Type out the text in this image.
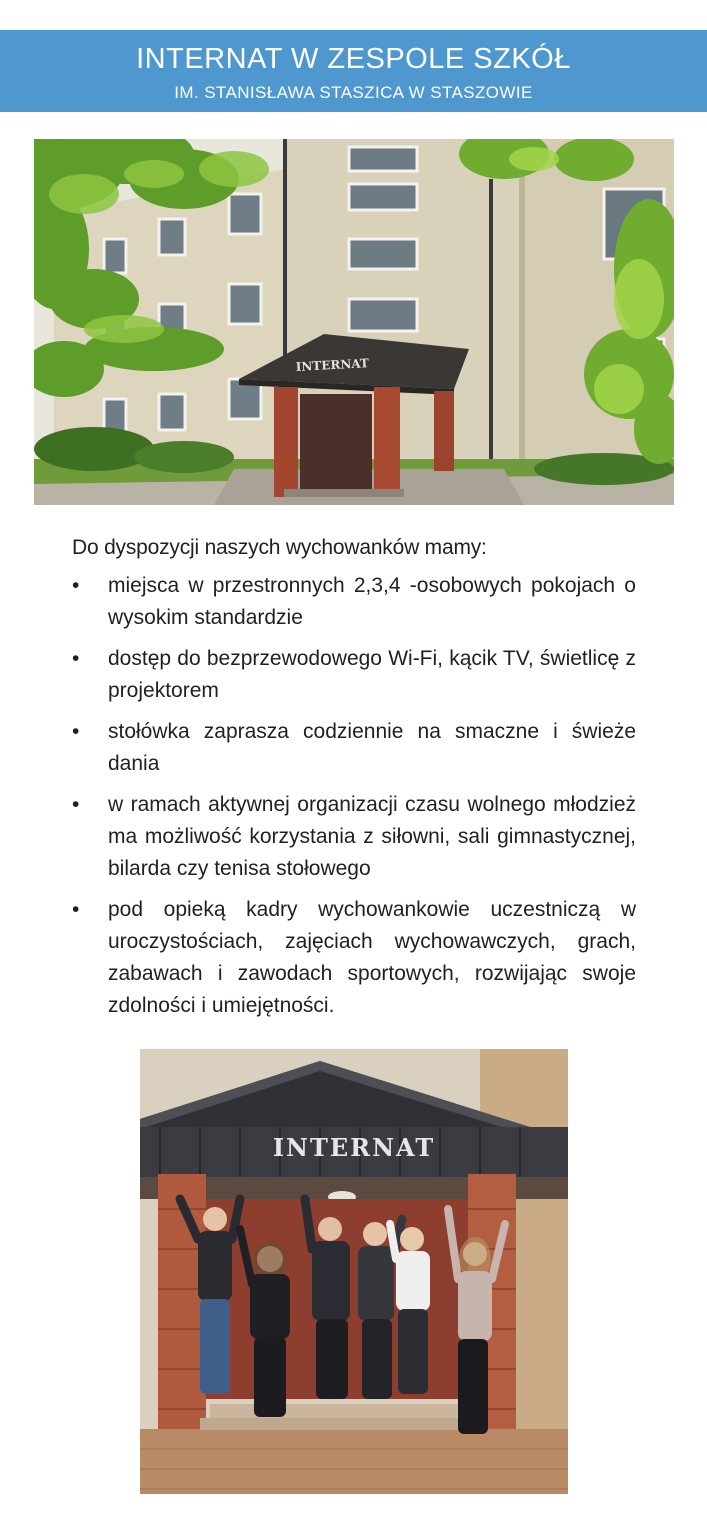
INTERNAT W ZESPOLE SZKÓŁ
IM. STANISŁAWA STASZICA W STASZOWIE
INTERNAT

Do dyspozycji naszych wychowanków mamy:

• miejsca w przestronnych 2,3,4 -osobowych pokojach o wysokim standardzie
• dostęp do bezprzewodowego Wi-Fi, kącik TV, świetlicę z projektorem
• stołówka zaprasza codziennie na smaczne i świeże dania
• w ramach aktywnej organizacji czasu wolnego młodzież ma możliwość korzystania z siłowni, sali gimnastycznej, bilarda czy tenisa stołowego
• pod opieką kadry wychowankowie uczestniczą w uroczystościach, zajęciach wychowawczych, grach, zabawach i zawodach sportowych, rozwijając swoje zdolności i umiejętności.
INTERNAT
